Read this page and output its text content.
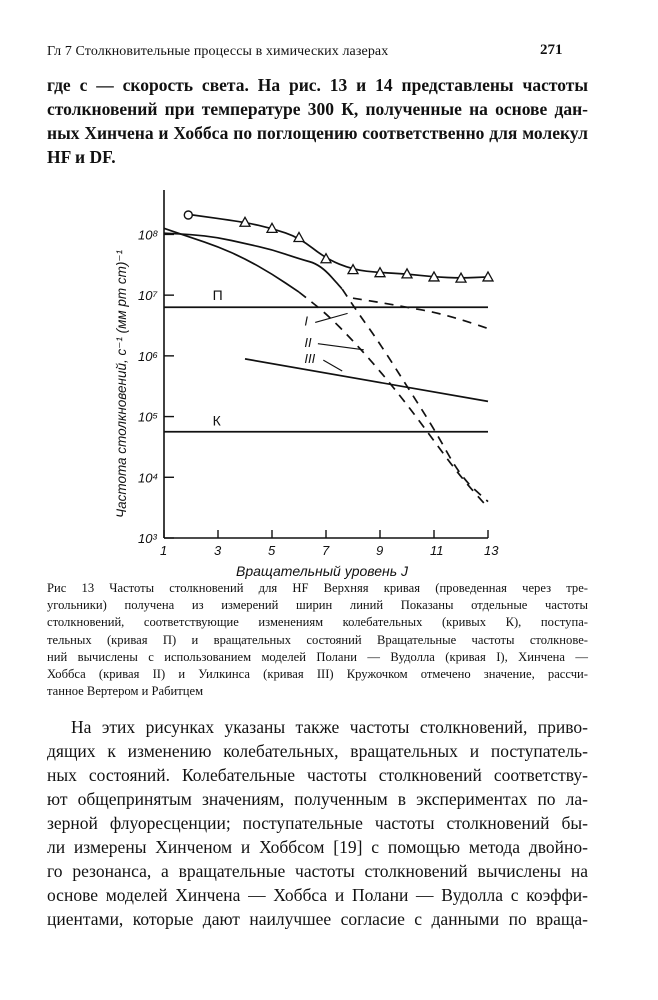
Гл 7 Столкновительные процессы в химических лазерах	271
где с — скорость света. На рис. 13 и 14 представлены частоты
столкновений при температуре 300 К, полученные на основе дан-
ных Хинчена и Хоббса по поглощению соответственно для молекул
HF и DF.
10³
10⁴
10⁵
10⁶
10⁷
10⁸
1	3	5	7	9	11	13
Вращательный уровень J
Частота столкновений, с⁻¹ (мм рт ст)⁻¹	П
К
I
II
III
Рис 13 Частоты столкновений для HF Верхняя кривая (проведенная через тре-
угольники) получена из измерений ширин линий Показаны отдельные частоты
столкновений, соответствующие изменениям колебательных (кривых К), поступа-
тельных (кривая П) и вращательных состояний Вращательные частоты столкнове-
ний вычислены с использованием моделей Полани — Вудолла (кривая I), Хинчена —
Хоббса (кривая II) и Уилкинса (кривая III) Кружочком отмечено значение, рассчи-
танное Вертером и Рабитцем
На этих рисунках указаны также частоты столкновений, приво-
дящих к изменению колебательных, вращательных и поступатель-
ных состояний. Колебательные частоты столкновений соответству-
ют общепринятым значениям, полученным в экспериментах по ла-
зерной флуоресценции; поступательные частоты столкновений бы-
ли измерены Хинченом и Хоббсом [19] с помощью метода двойно-
го резонанса, а вращательные частоты столкновений вычислены на
основе моделей Хинчена — Хоббса и Полани — Вудолла с коэффи-
циентами, которые дают наилучшее согласие с данными по враща-
